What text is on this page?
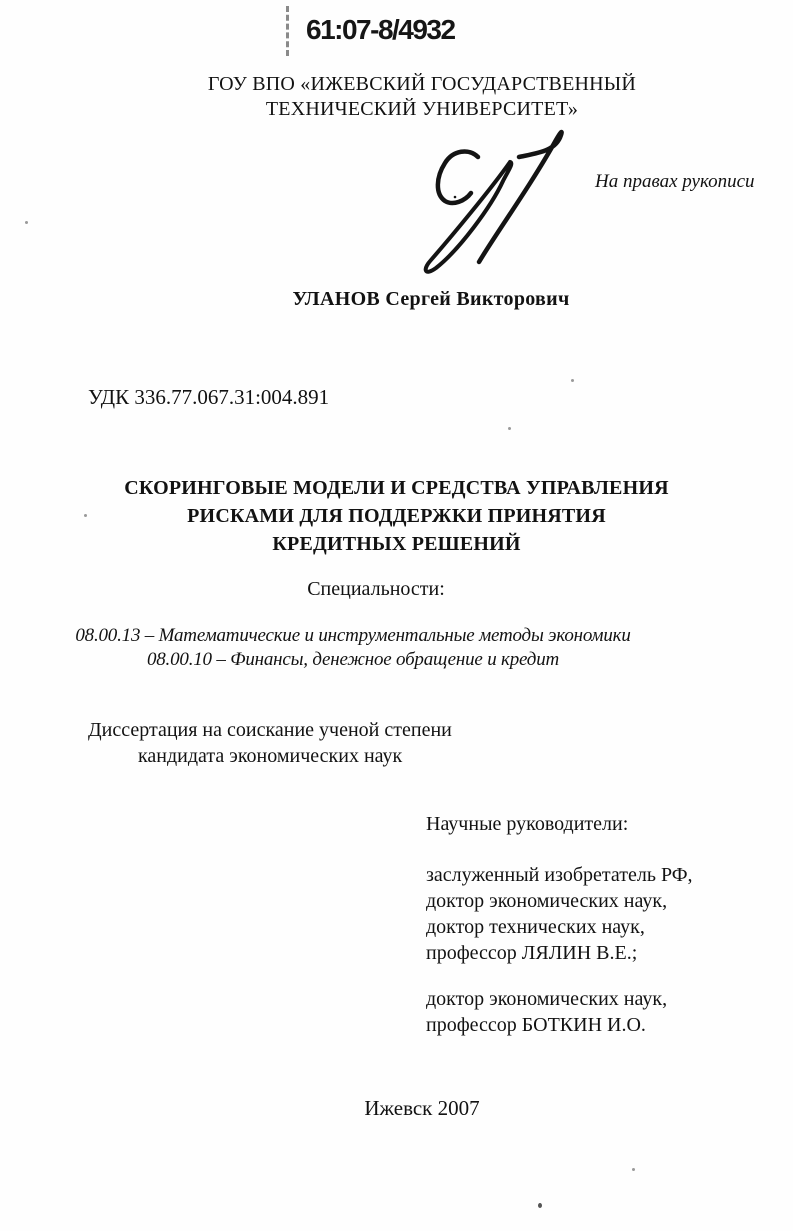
61:07-8/4932
ГОУ ВПО «ИЖЕВСКИЙ ГОСУДАРСТВЕННЫЙ
ТЕХНИЧЕСКИЙ УНИВЕРСИТЕТ»
На правах рукописи
УЛАНОВ Сергей Викторович
УДК 336.77.067.31:004.891
СКОРИНГОВЫЕ МОДЕЛИ И СРЕДСТВА УПРАВЛЕНИЯ
РИСКАМИ ДЛЯ ПОДДЕРЖКИ ПРИНЯТИЯ
КРЕДИТНЫХ РЕШЕНИЙ
Специальности:
08.00.13 – Математические и инструментальные методы экономики
08.00.10 – Финансы, денежное обращение и кредит
Диссертация на соискание ученой степени
кандидата экономических наук
Научные руководители:
заслуженный изобретатель РФ,
доктор экономических наук,
доктор технических наук,
профессор ЛЯЛИН В.Е.;
доктор экономических наук,
профессор БОТКИН И.О.
Ижевск 2007
